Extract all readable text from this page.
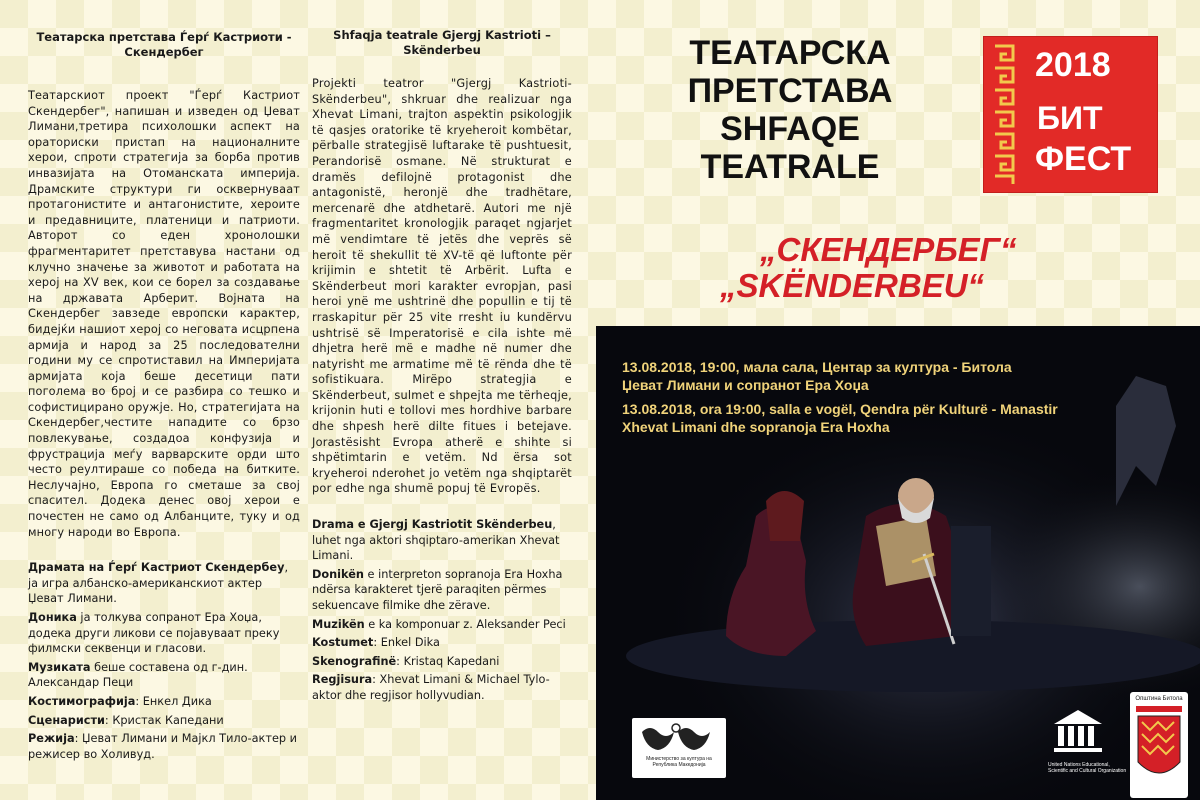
Театарска претстава Ѓерѓ Кастриоти - Скендербег
Театарскиот проект "Ѓерѓ Кастриот Скендербег", напишан и изведен од Џеват Лимани,третира психолошки аспект на ораториски пристап на националните херои, спроти стратегија за борба против инвазијата на Отоманската империја. Драмските структури ги осквернуваат протагонистите и антагонистите, хероите и предавниците, платеници и патриоти. Авторот со еден хронолошки фрагментаритет претставува настани од клучно значење за животот и работата на херој на XV век, кои се борел за создавање на државата Арберит. Војната на Скендербег завзеде европски карактер, бидејќи нашиот херој со неговата исцрпена армија и народ за 25 последователни години му се спротиставил на Империјата армијата која беше десетици пати поголема во број и се разбира со тешко и софистицирано оружје. Но, стратегијата на Скендербег,честите нападите со брзо повлекување, создадоа конфузија и фрустрација меѓу варварските орди што често реултираше со победа на битките. Неслучајно, Европа го сметаше за свој спасител. Додека денес овој херои е почестен не само од Албанците, туку и од многу народи во Европа.
Драмата на Ѓерѓ Кастриот Скендербеу, ја игра албанско-американскиот актер Џеват Лимани.
Доника ја толкува сопранот Ера Хоџа, додека други ликови се појавуваат преку филмски секвенци и гласови.
Музиката беше составена од г-дин. Александар Пеци
Костимографија: Енкел Дика
Сценаристи: Кристак Капедани
Режија: Џеват Лимани и Мајкл Тило-актер и режисер во Холивуд.
Shfaqja teatrale Gjergj Kastrioti – Skënderbeu
Projekti teatror "Gjergj Kastrioti-Skënderbeu", shkruar dhe realizuar nga Xhevat Limani, trajton aspektin psikologjik të qasjes oratorike të kryeheroit kombëtar, përballe strategjisë luftarake të pushtuesit, Perandorisë osmane. Në strukturat e dramës defilojnë protagonist dhe antagonistë, heronjë dhe tradhëtare, mercenarë dhe atdhetarë. Autori me një fragmentaritet kronologjik paraqet ngjarjet më vendimtare të jetës dhe veprës së heroit të shekullit të XV-të që luftonte për krijimin e shtetit të Arbërit. Lufta e Skënderbeut mori karakter evropjan, pasi heroi ynë me ushtrinë dhe popullin e tij të rraskapitur për 25 vite rresht iu kundërvu ushtrisë së Imperatorisë e cila ishte më dhjetra herë më e madhe në numer dhe natyrisht me armatime më të rënda dhe të sofistikuara. Mirëpo strategjia e Skënderbeut, sulmet e shpejta me tërheqje, krijonin huti e tollovi mes hordhive barbare dhe shpesh herë dilte fitues i betejave. Jorastësisht Evropa atherë e shihte si shpëtimtarin e vetëm. Nd ërsa sot kryeheroi nderohet jo vetëm nga shqiptarët por edhe nga shumë popuj të Evropës.
Drama e Gjergj Kastriotit Skënderbeu, luhet nga aktori shqiptaro-amerikan Xhevat Limani.
Donikën e interpreton sopranoja Era Hoxha ndërsa karakteret tjerë paraqiten përmes sekuencave filmike dhe zërave.
Muzikën e ka komponuar z. Aleksander Peci
Kostumet: Enkel Dika
Skenografinë: Kristaq Kapedani
Regjisura: Xhevat Limani & Michael Tylo-aktor dhe regjisor hollyvudian.
ТЕАТАРСКА
ПРЕТСТАВА
SHFAQE
TEATRALE
2018
БИТ
ФЕСТ
„СКЕНДЕРБЕГ“
„SKËNDERBEU“
13.08.2018, 19:00, мала сала, Центар за култура - Битола
Џеват Лимани и сопранот Ера Хоџа
13.08.2018, ora 19:00, salla e vogël, Qendra për Kulturë - Manastir
Xhevat Limani dhe sopranoja Era Hoxha
Министерство за култура на Република Македонија	United Nations Educational, Scientific and Cultural Organization
Општина Битола
